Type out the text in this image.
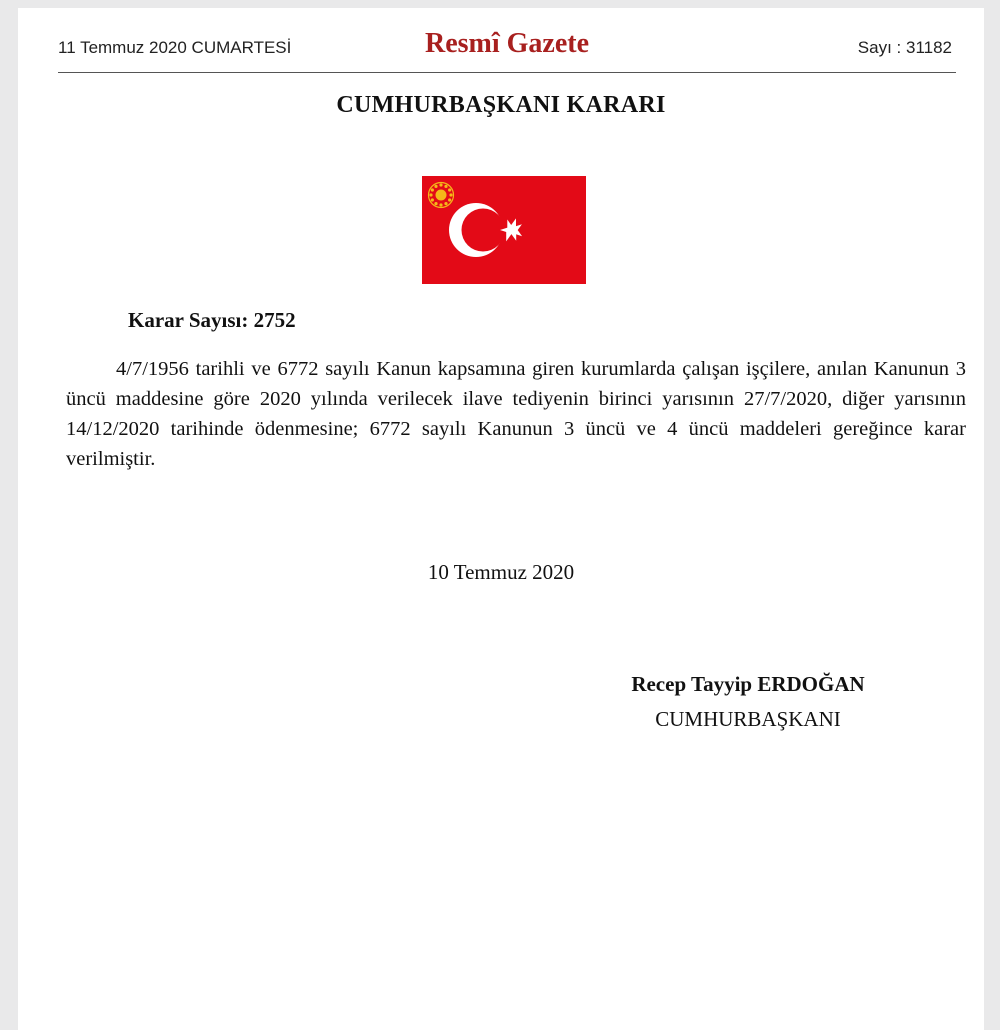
11 Temmuz 2020 CUMARTESİ	Resmî Gazete	Sayı : 31182
CUMHURBAŞKANI KARARI
Karar Sayısı: 2752
4/7/1956 tarihli ve 6772 sayılı Kanun kapsamına giren kurumlarda çalışan işçilere, anılan Kanunun 3 üncü maddesine göre 2020 yılında verilecek ilave tediyenin birinci yarısının 27/7/2020, diğer yarısının 14/12/2020 tarihinde ödenmesine; 6772 sayılı Kanunun 3 üncü ve 4 üncü maddeleri gereğince karar verilmiştir.
10 Temmuz 2020
Recep Tayyip ERDOĞAN
CUMHURBAŞKANI
